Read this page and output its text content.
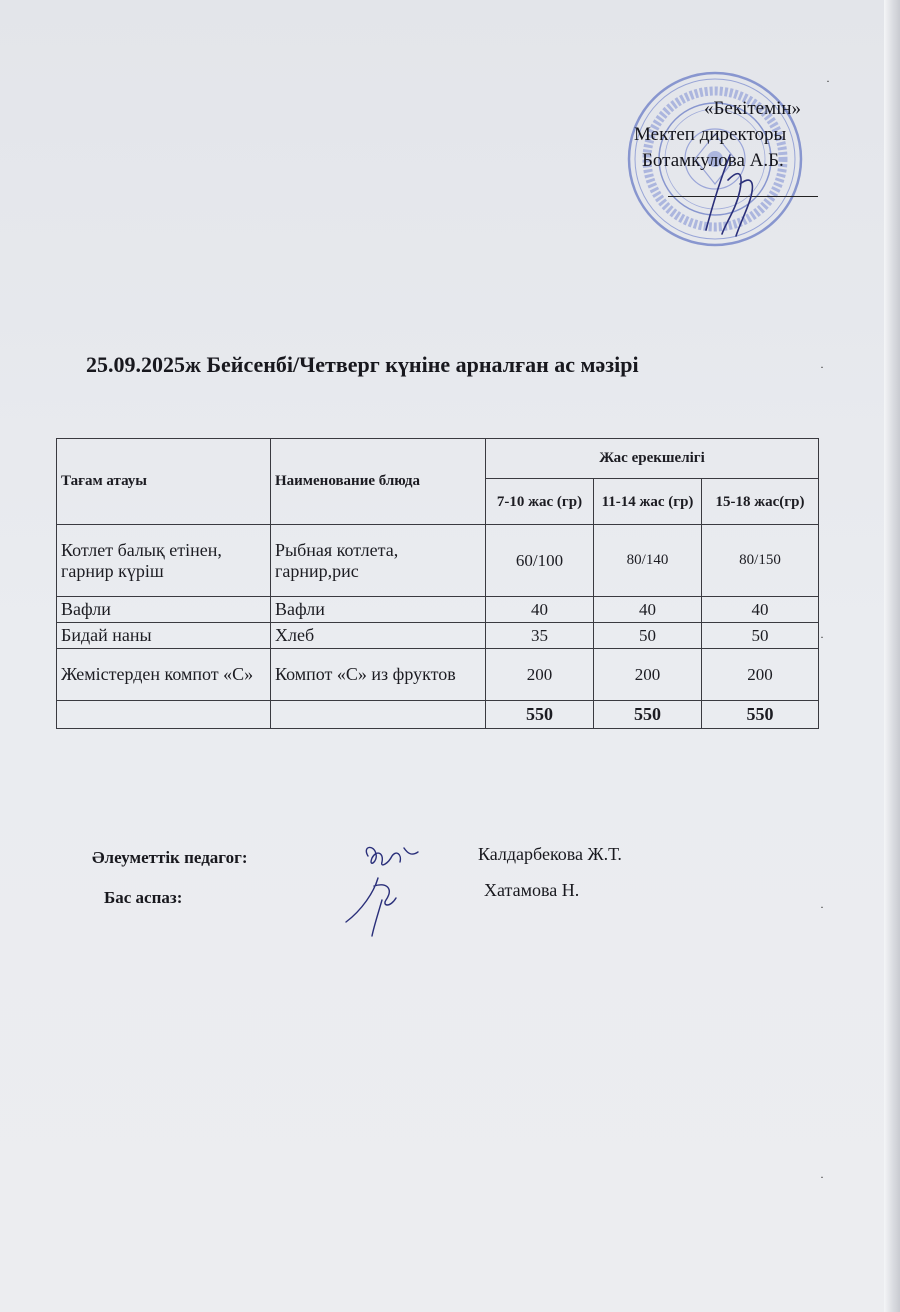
«Бекітемін»
Мектеп директоры
Ботамкулова А.Б.
25.09.2025ж Бейсенбі/Четверг күніне арналған ас мәзірі
Тағам атауы	Наименование блюда	Жас ерекшелігі		
		7-10 жас (гр)	11-14 жас (гр)	15-18 жас(гр)
Котлет балық етінен, гарнир күріш	Рыбная котлета, гарнир,рис	60/100	80/140	80/150
Вафли	Вафли	40	40	40
Бидай наны	Хлеб	35	50	50
Жемістерден компот «С»	Компот «С» из фруктов	200	200	200
		550	550	550
Әлеуметтік педагог:	Калдарбекова Ж.Т.
Бас аспаз:	Хатамова Н.
·
·
·
·
·
